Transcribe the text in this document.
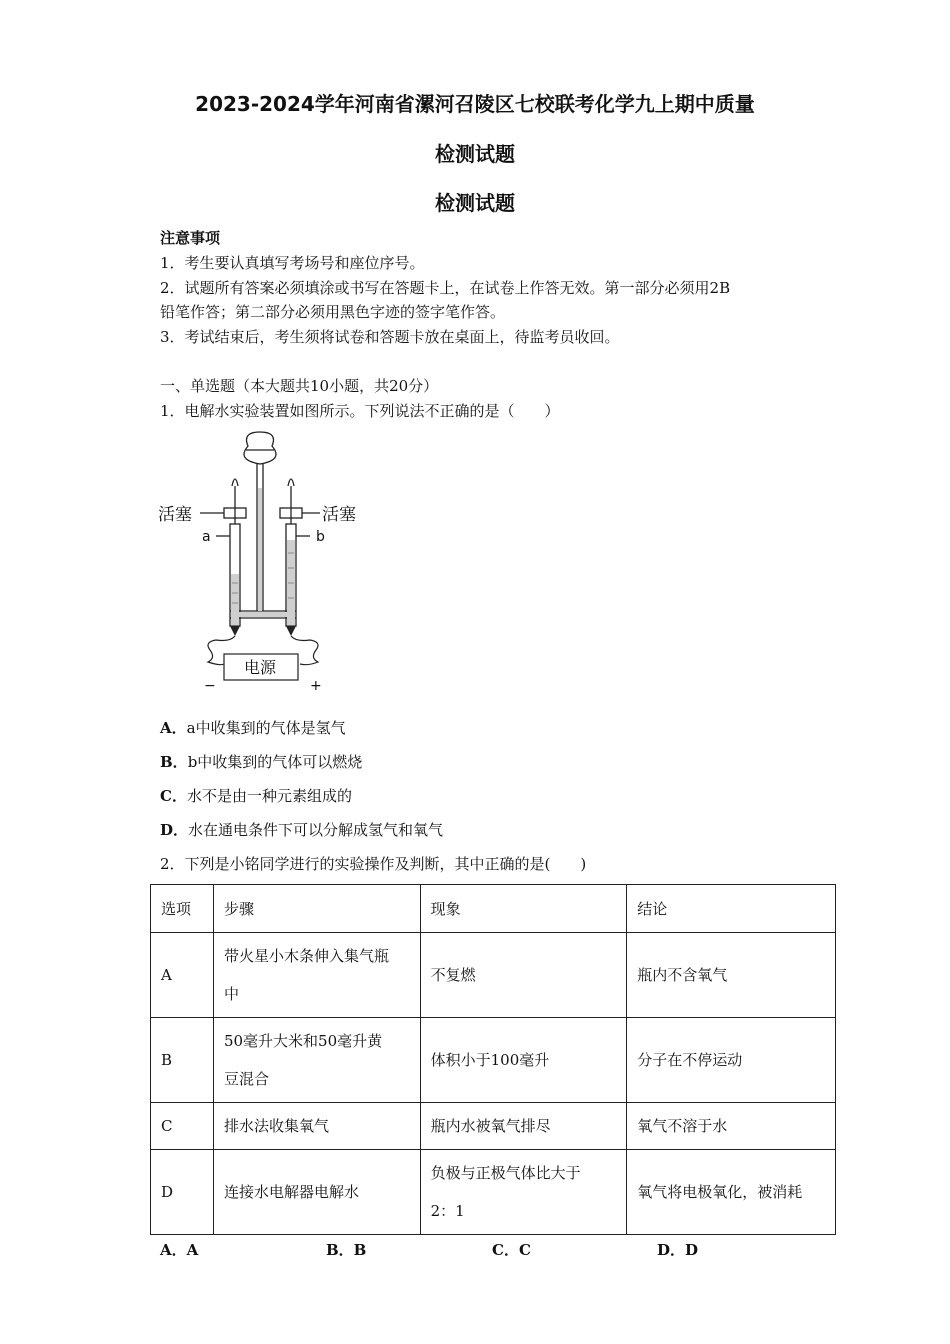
2023-2024学年河南省漯河召陵区七校联考化学九上期中质量
检测试题
检测试题
注意事项
1．考生要认真填写考场号和座位序号。
2．试题所有答案必须填涂或书写在答题卡上，在试卷上作答无效。第一部分必须用2B
铅笔作答；第二部分必须用黑色字迹的签字笔作答。
3．考试结束后，考生须将试卷和答题卡放在桌面上，待监考员收回。
一、单选题（本大题共10小题，共20分）
1．电解水实验装置如图所示。下列说法不正确的是（　　）
活塞	活塞
a	b
电源
−	+
A．a中收集到的气体是氢气
B．b中收集到的气体可以燃烧
C．水不是由一种元素组成的
D．水在通电条件下可以分解成氢气和氧气
2．下列是小铭同学进行的实验操作及判断，其中正确的是(　　)
选项	步骤	现象	结论
A	带火星小木条伸入集气瓶
中	不复燃	瓶内不含氧气
B	50毫升大米和50毫升黄
豆混合	体积小于100毫升	分子在不停运动
C	排水法收集氧气	瓶内水被氧气排尽	氧气不溶于水
D	连接水电解器电解水	负极与正极气体比大于
2：1	氧气将电极氧化，被消耗
A．A	B．B	C．C	D．D
